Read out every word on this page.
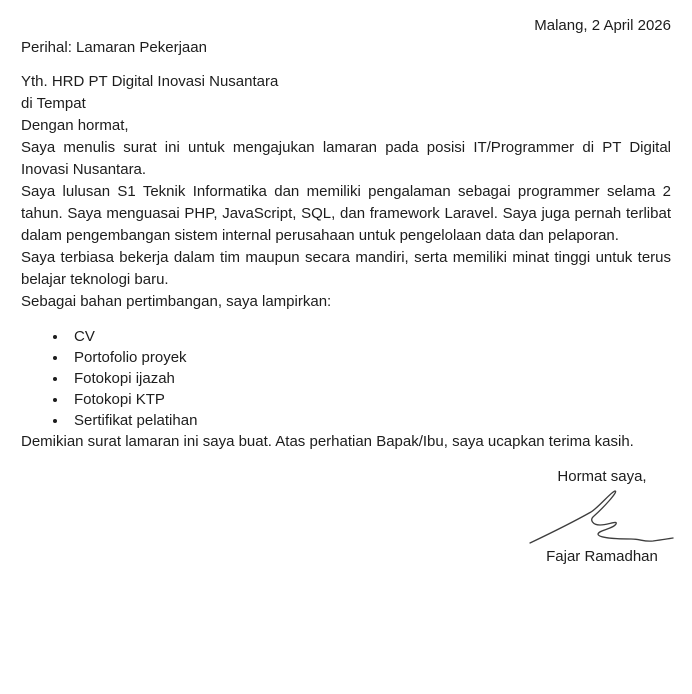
Malang, 2 April 2026

Perihal: Lamaran Pekerjaan

Yth. HRD PT Digital Inovasi Nusantara

di Tempat

Dengan hormat,

Saya menulis surat ini untuk mengajukan lamaran pada posisi IT/Programmer di PT Digital Inovasi Nusantara.

Saya lulusan S1 Teknik Informatika dan memiliki pengalaman sebagai programmer selama 2 tahun. Saya menguasai PHP, JavaScript, SQL, dan framework Laravel. Saya juga pernah terlibat dalam pengembangan sistem internal perusahaan untuk pengelolaan data dan pelaporan.

Saya terbiasa bekerja dalam tim maupun secara mandiri, serta memiliki minat tinggi untuk terus belajar teknologi baru.

Sebagai bahan pertimbangan, saya lampirkan:

• CV
• Portofolio proyek
• Fotokopi ijazah
• Fotokopi KTP
• Sertifikat pelatihan

Demikian surat lamaran ini saya buat. Atas perhatian Bapak/Ibu, saya ucapkan terima kasih.

Hormat saya,

Fajar Ramadhan
